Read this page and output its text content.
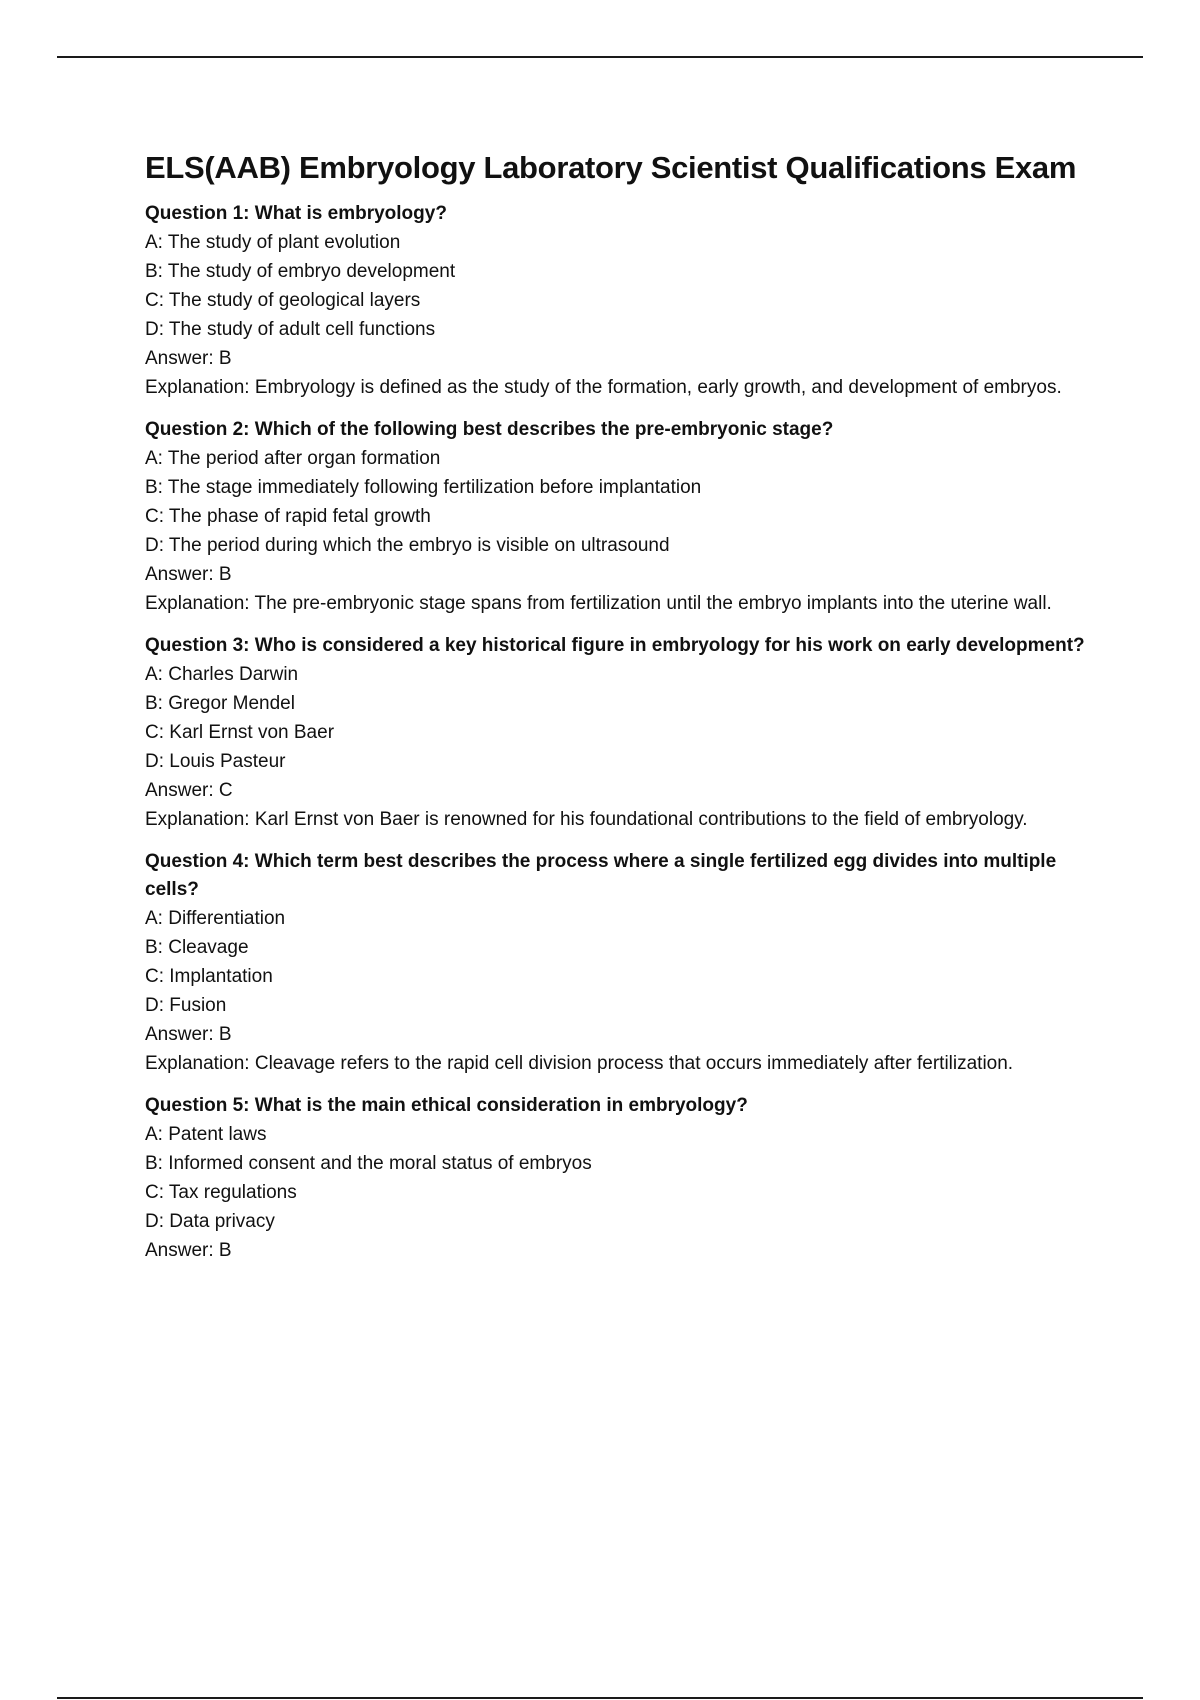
ELS(AAB) Embryology Laboratory Scientist Qualifications Exam

Question 1: What is embryology?

A: The study of plant evolution

B: The study of embryo development

C: The study of geological layers

D: The study of adult cell functions

Answer: B

Explanation: Embryology is defined as the study of the formation, early growth, and development of embryos.

Question 2: Which of the following best describes the pre-embryonic stage?

A: The period after organ formation

B: The stage immediately following fertilization before implantation

C: The phase of rapid fetal growth

D: The period during which the embryo is visible on ultrasound

Answer: B

Explanation: The pre-embryonic stage spans from fertilization until the embryo implants into the uterine wall.

Question 3: Who is considered a key historical figure in embryology for his work on early development?

A: Charles Darwin

B: Gregor Mendel

C: Karl Ernst von Baer

D: Louis Pasteur

Answer: C

Explanation: Karl Ernst von Baer is renowned for his foundational contributions to the field of embryology.

Question 4: Which term best describes the process where a single fertilized egg divides into multiple cells?

A: Differentiation

B: Cleavage

C: Implantation

D: Fusion

Answer: B

Explanation: Cleavage refers to the rapid cell division process that occurs immediately after fertilization.

Question 5: What is the main ethical consideration in embryology?

A: Patent laws

B: Informed consent and the moral status of embryos

C: Tax regulations

D: Data privacy

Answer: B
